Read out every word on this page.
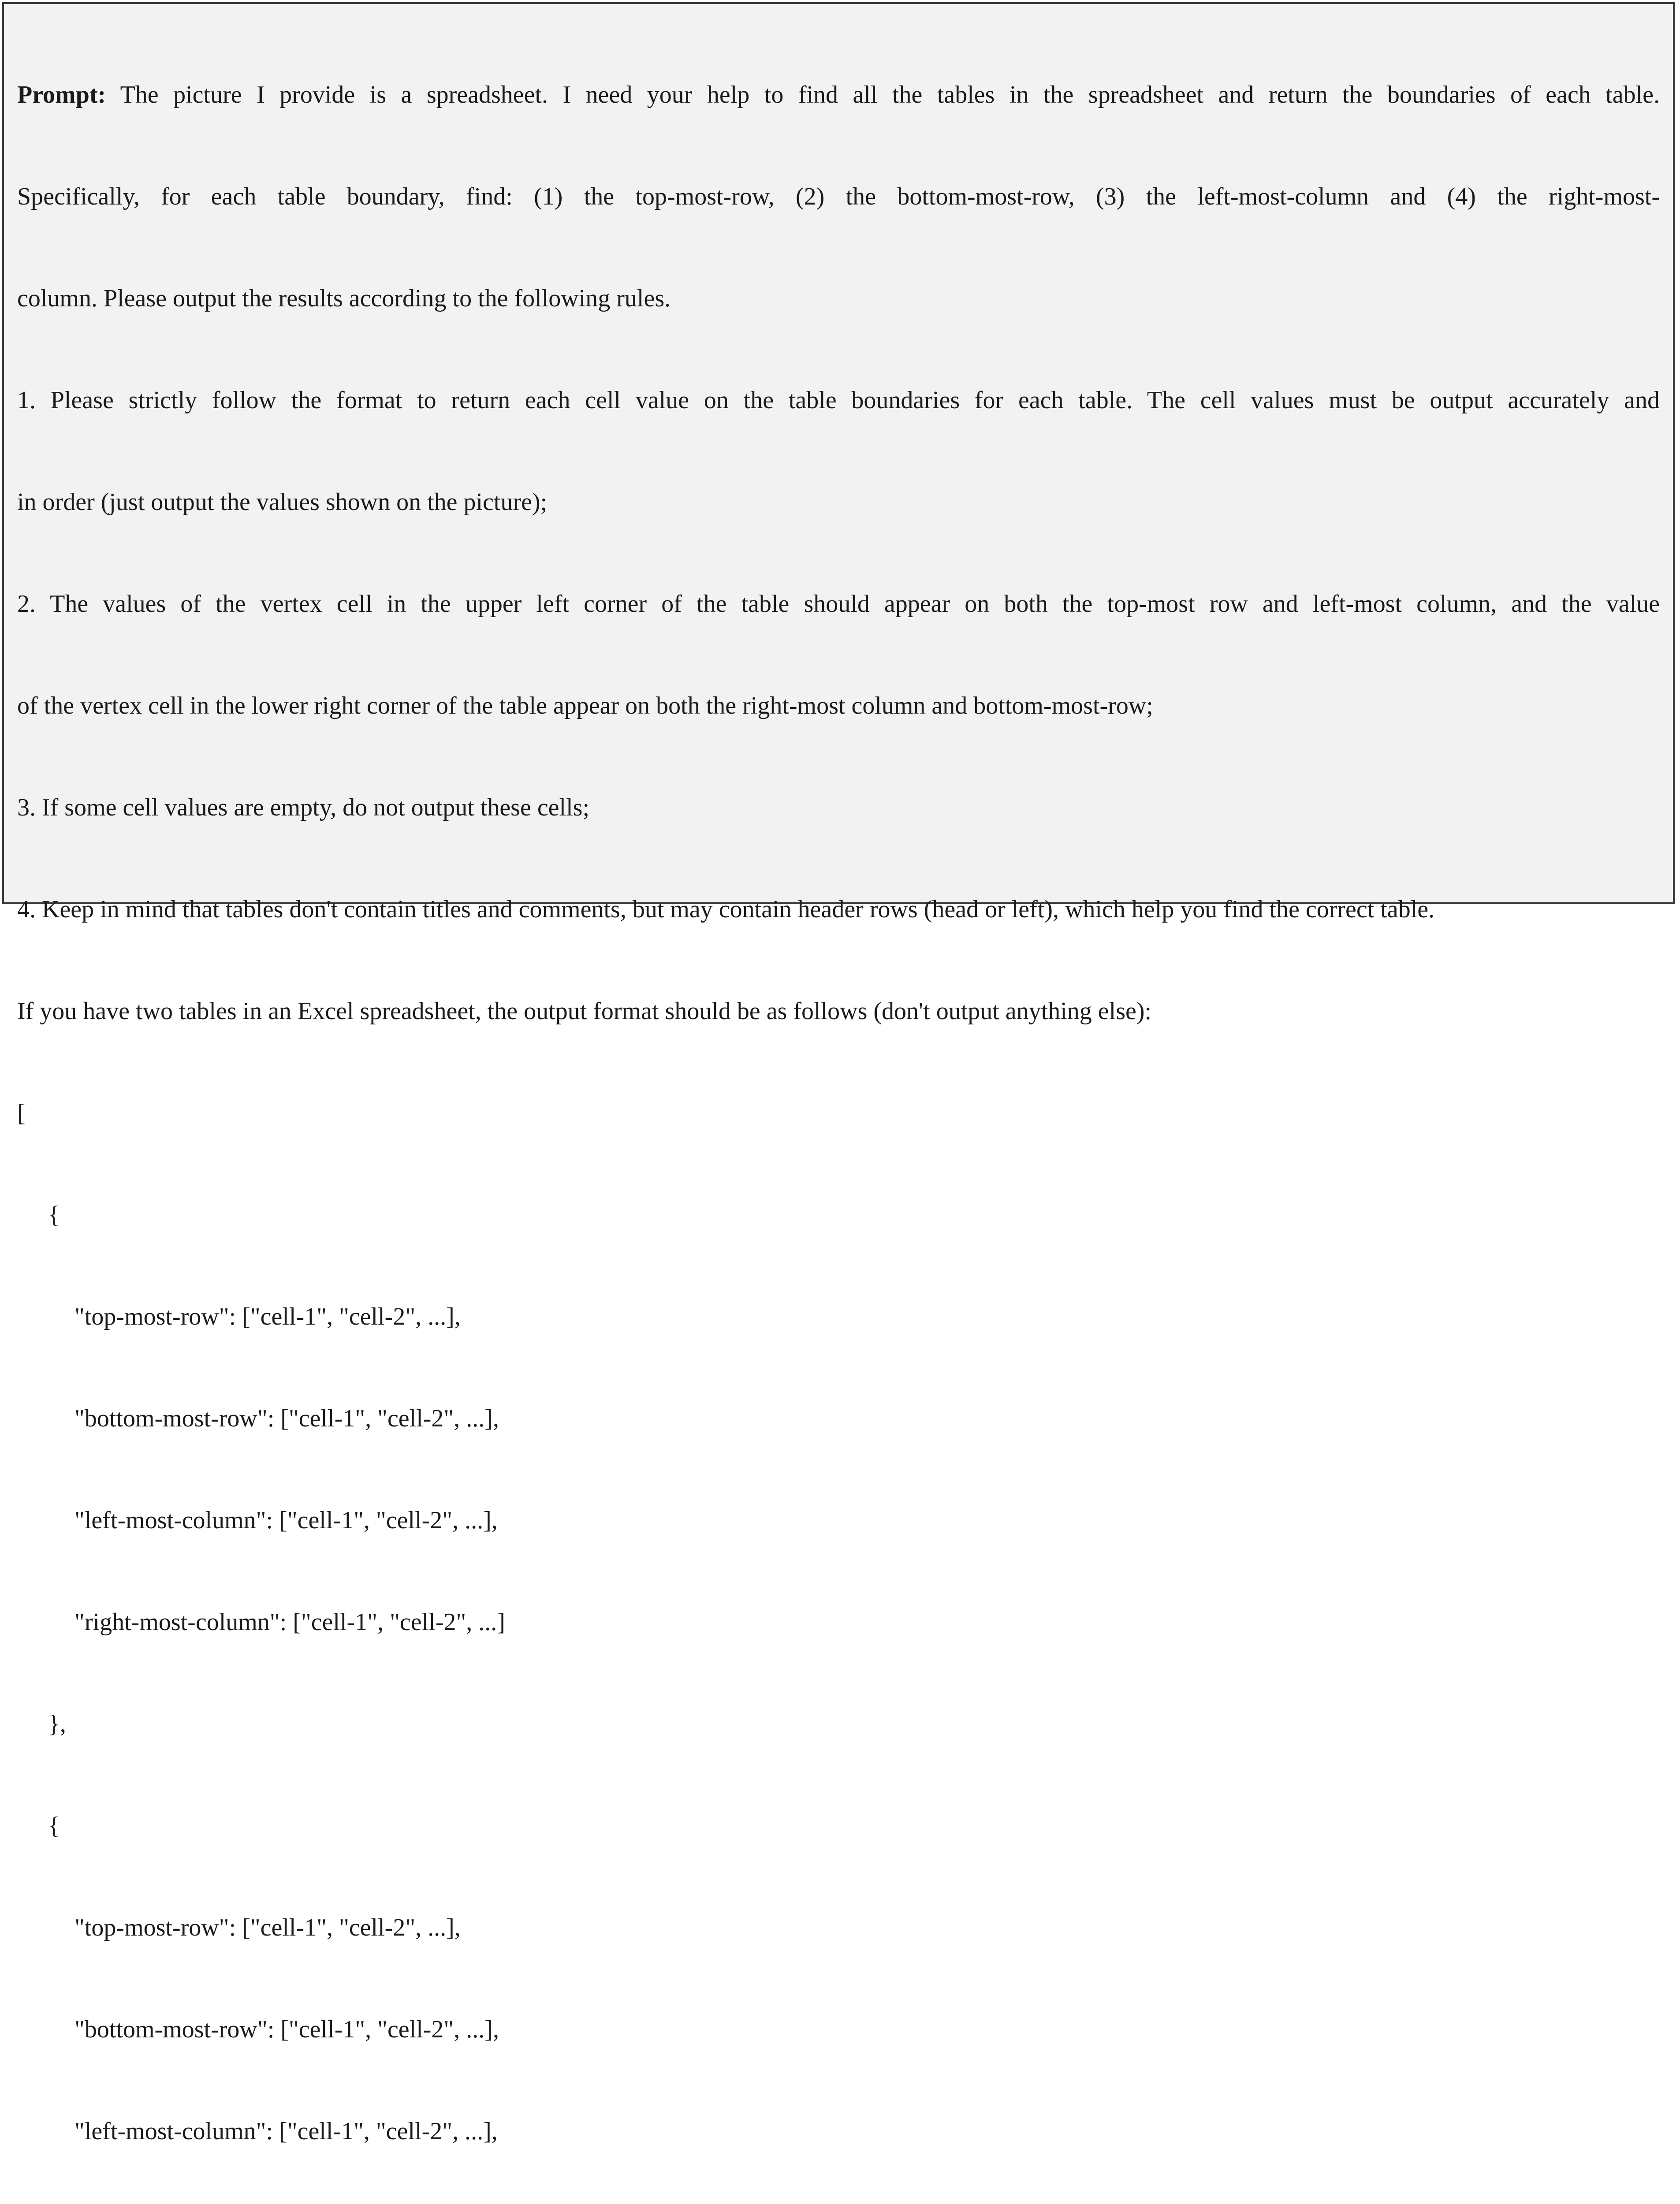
Prompt: The picture I provide is a spreadsheet. I need your help to find all the tables in the spreadsheet and return the boundaries of each table.

Specifically, for each table boundary, find: (1) the top-most-row, (2) the bottom-most-row, (3) the left-most-column and (4) the right-most-

column. Please output the results according to the following rules.

1. Please strictly follow the format to return each cell value on the table boundaries for each table. The cell values must be output accurately and

in order (just output the values shown on the picture);

2. The values of the vertex cell in the upper left corner of the table should appear on both the top-most row and left-most column, and the value

of the vertex cell in the lower right corner of the table appear on both the right-most column and bottom-most-row;

3. If some cell values are empty, do not output these cells;

4. Keep in mind that tables don't contain titles and comments, but may contain header rows (head or left), which help you find the correct table.

If you have two tables in an Excel spreadsheet, the output format should be as follows (don't output anything else):

[

{

"top-most-row": ["cell-1", "cell-2", ...],

"bottom-most-row": ["cell-1", "cell-2", ...],

"left-most-column": ["cell-1", "cell-2", ...],

"right-most-column": ["cell-1", "cell-2", ...]

},

{

"top-most-row": ["cell-1", "cell-2", ...],

"bottom-most-row": ["cell-1", "cell-2", ...],

"left-most-column": ["cell-1", "cell-2", ...],
